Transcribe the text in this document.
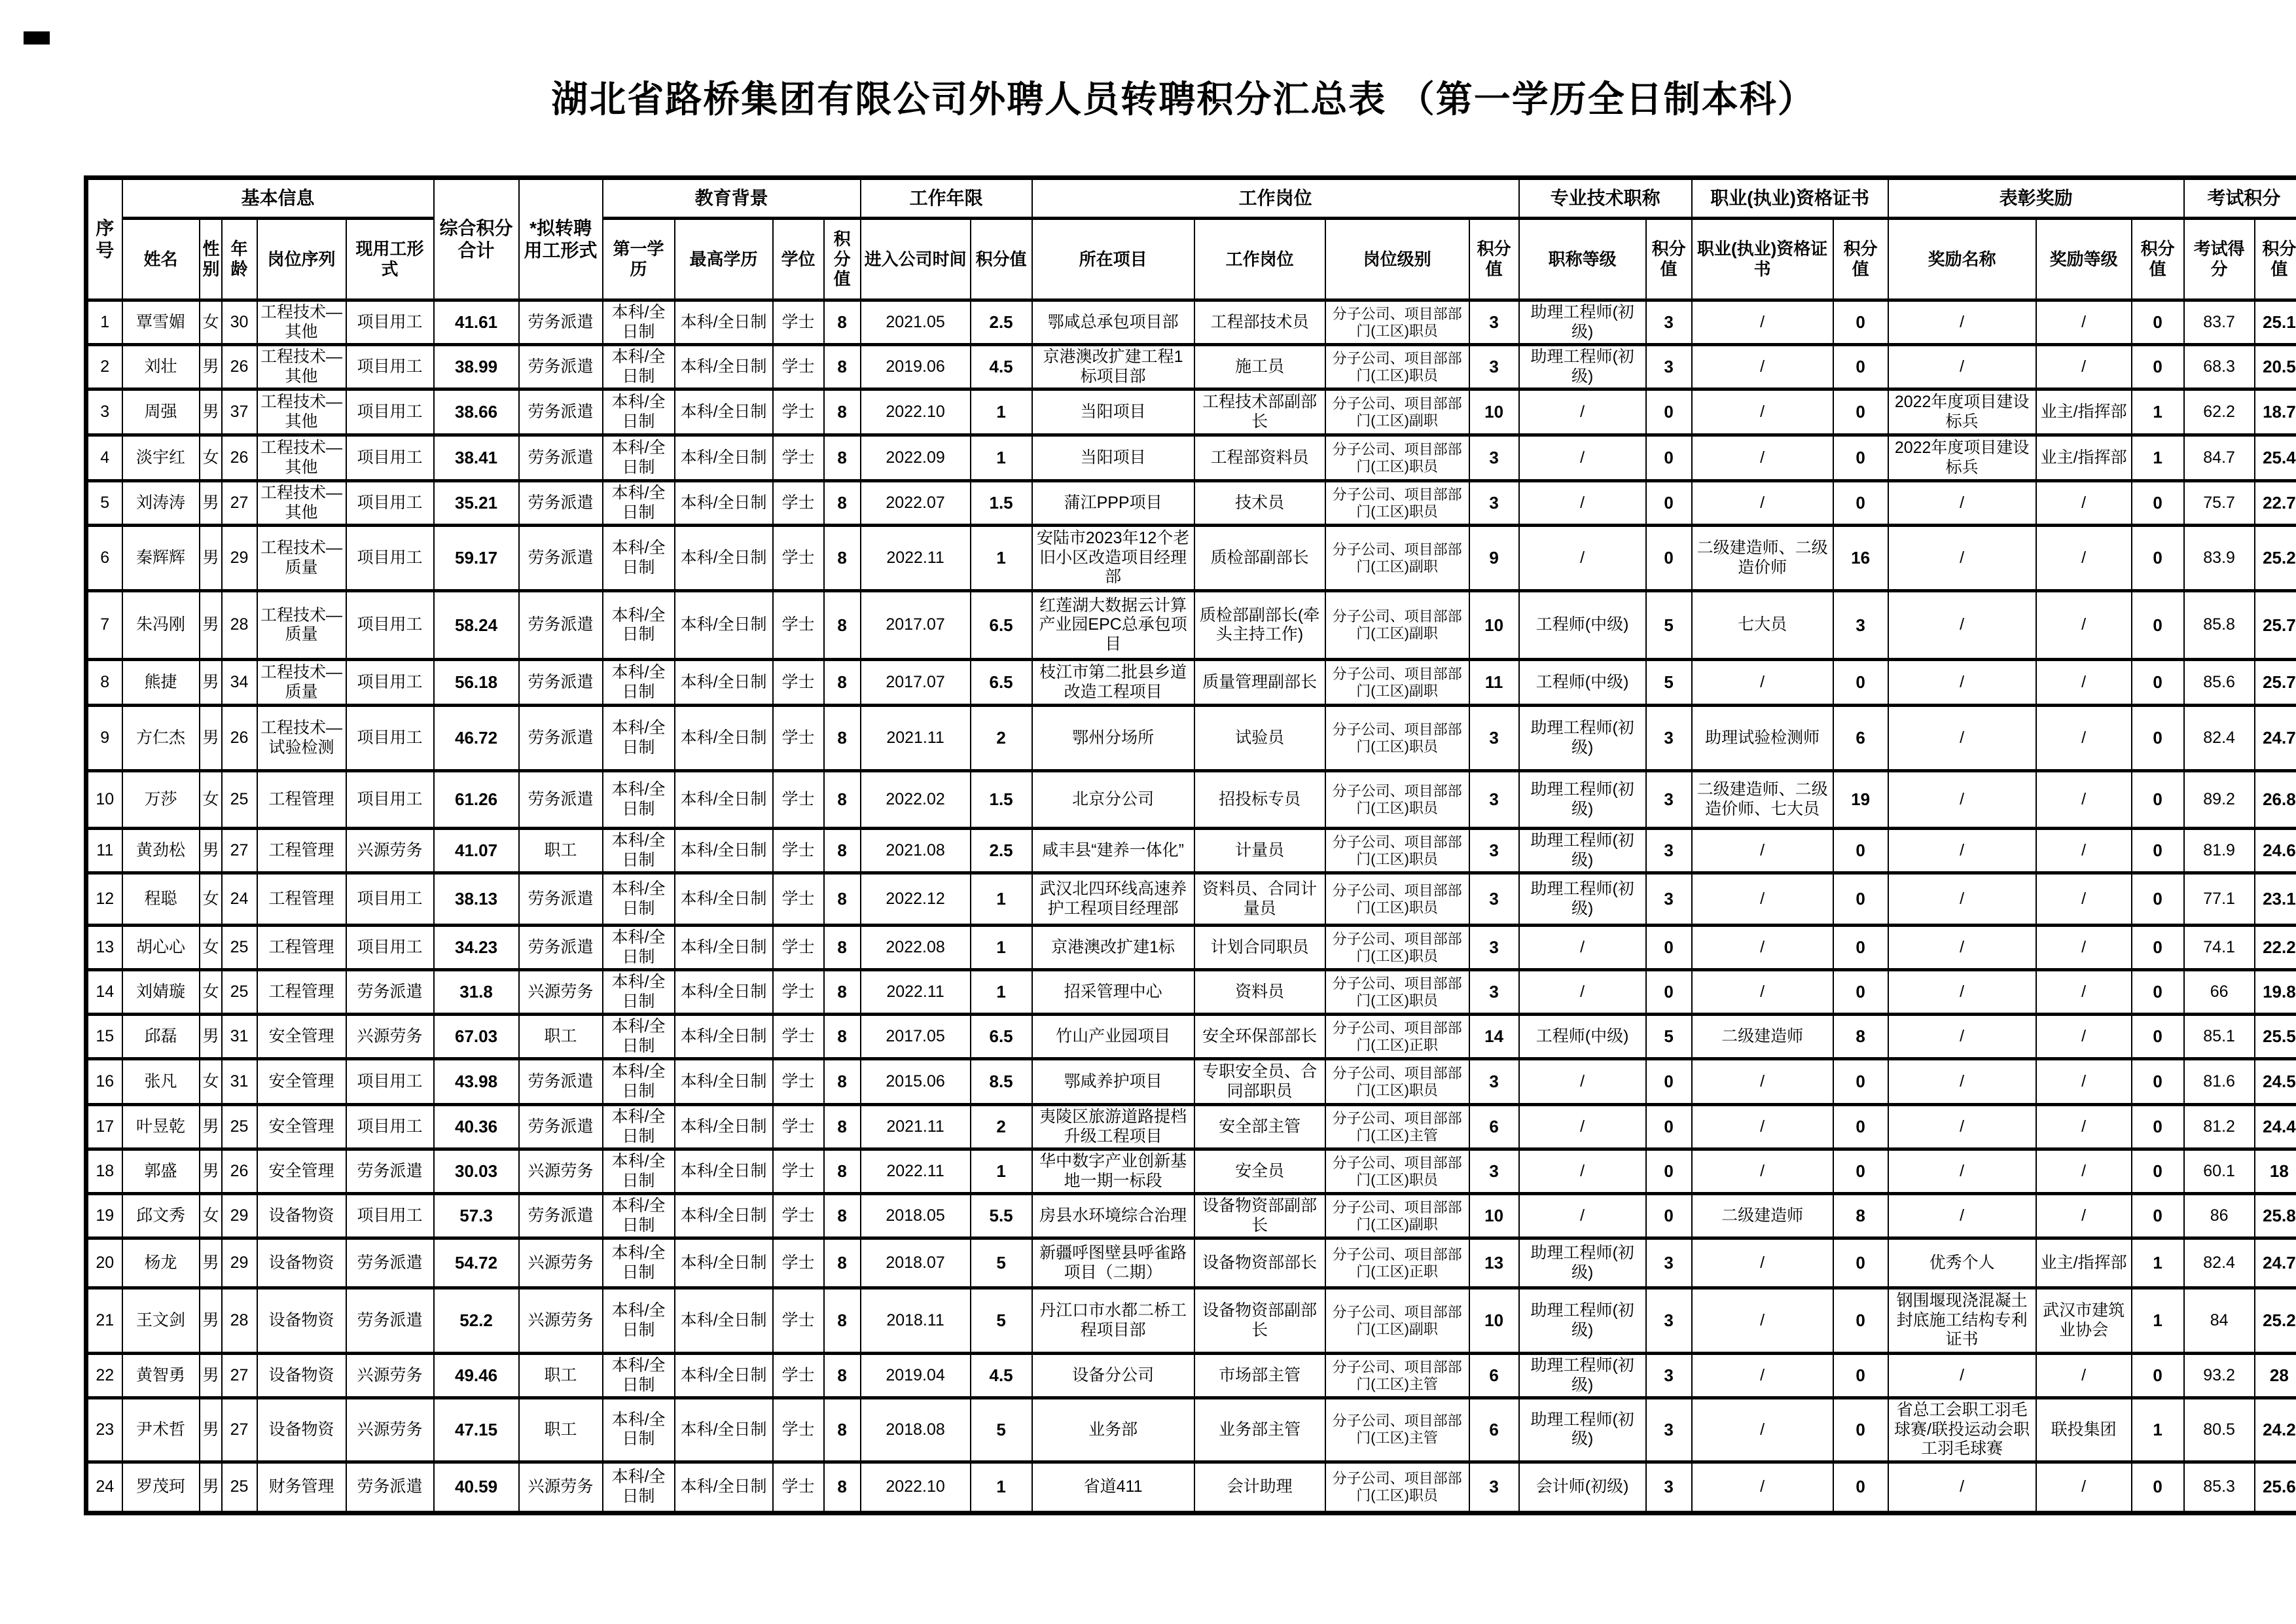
湖北省路桥集团有限公司外聘人员转聘积分汇总表 （第一学历全日制本科）
序号	基本信息					综合积分合计	*拟转聘用工形式	教育背景				工作年限		工作岗位				专业技术职称		职业(执业)资格证书		表彰奖励			考试积分	
	姓名	性别	年龄	岗位序列	现用工形式			第一学历	最高学历	学位	积分值	进入公司时间	积分值	所在项目	工作岗位	岗位级别	积分值	职称等级	积分值	职业(执业)资格证书	积分值	奖励名称	奖励等级	积分值	考试得分	积分值
1	覃雪媚	女	30	工程技术—其他	项目用工	41.61	劳务派遣	本科/全日制	本科/全日制	学士	8	2021.05	2.5	鄂咸总承包项目部	工程部技术员	分子公司、项目部部门(工区)职员	3	助理工程师(初级)	3	/	0	/	/	0	83.7	25.1
2	刘壮	男	26	工程技术—其他	项目用工	38.99	劳务派遣	本科/全日制	本科/全日制	学士	8	2019.06	4.5	京港澳改扩建工程1标项目部	施工员	分子公司、项目部部门(工区)职员	3	助理工程师(初级)	3	/	0	/	/	0	68.3	20.5
3	周强	男	37	工程技术—其他	项目用工	38.66	劳务派遣	本科/全日制	本科/全日制	学士	8	2022.10	1	当阳项目	工程技术部副部长	分子公司、项目部部门(工区)副职	10	/	0	/	0	2022年度项目建设标兵	业主/指挥部	1	62.2	18.7
4	淡宇红	女	26	工程技术—其他	项目用工	38.41	劳务派遣	本科/全日制	本科/全日制	学士	8	2022.09	1	当阳项目	工程部资料员	分子公司、项目部部门(工区)职员	3	/	0	/	0	2022年度项目建设标兵	业主/指挥部	1	84.7	25.4
5	刘涛涛	男	27	工程技术—其他	项目用工	35.21	劳务派遣	本科/全日制	本科/全日制	学士	8	2022.07	1.5	蒲江PPP项目	技术员	分子公司、项目部部门(工区)职员	3	/	0	/	0	/	/	0	75.7	22.7
6	秦辉辉	男	29	工程技术—质量	项目用工	59.17	劳务派遣	本科/全日制	本科/全日制	学士	8	2022.11	1	安陆市2023年12个老旧小区改造项目经理部	质检部副部长	分子公司、项目部部门(工区)副职	9	/	0	二级建造师、二级造价师	16	/	/	0	83.9	25.2
7	朱冯刚	男	28	工程技术—质量	项目用工	58.24	劳务派遣	本科/全日制	本科/全日制	学士	8	2017.07	6.5	红莲湖大数据云计算产业园EPC总承包项目	质检部副部长(牵头主持工作)	分子公司、项目部部门(工区)副职	10	工程师(中级)	5	七大员	3	/	/	0	85.8	25.7
8	熊捷	男	34	工程技术—质量	项目用工	56.18	劳务派遣	本科/全日制	本科/全日制	学士	8	2017.07	6.5	枝江市第二批县乡道改造工程项目	质量管理副部长	分子公司、项目部部门(工区)副职	11	工程师(中级)	5	/	0	/	/	0	85.6	25.7
9	方仁杰	男	26	工程技术—试验检测	项目用工	46.72	劳务派遣	本科/全日制	本科/全日制	学士	8	2021.11	2	鄂州分场所	试验员	分子公司、项目部部门(工区)职员	3	助理工程师(初级)	3	助理试验检测师	6	/	/	0	82.4	24.7
10	万莎	女	25	工程管理	项目用工	61.26	劳务派遣	本科/全日制	本科/全日制	学士	8	2022.02	1.5	北京分公司	招投标专员	分子公司、项目部部门(工区)职员	3	助理工程师(初级)	3	二级建造师、二级造价师、七大员	19	/	/	0	89.2	26.8
11	黄劲松	男	27	工程管理	兴源劳务	41.07	职工	本科/全日制	本科/全日制	学士	8	2021.08	2.5	咸丰县“建养一体化”	计量员	分子公司、项目部部门(工区)职员	3	助理工程师(初级)	3	/	0	/	/	0	81.9	24.6
12	程聪	女	24	工程管理	项目用工	38.13	劳务派遣	本科/全日制	本科/全日制	学士	8	2022.12	1	武汉北四环线高速养护工程项目经理部	资料员、合同计量员	分子公司、项目部部门(工区)职员	3	助理工程师(初级)	3	/	0	/	/	0	77.1	23.1
13	胡心心	女	25	工程管理	项目用工	34.23	劳务派遣	本科/全日制	本科/全日制	学士	8	2022.08	1	京港澳改扩建1标	计划合同职员	分子公司、项目部部门(工区)职员	3	/	0	/	0	/	/	0	74.1	22.2
14	刘婧璇	女	25	工程管理	劳务派遣	31.8	兴源劳务	本科/全日制	本科/全日制	学士	8	2022.11	1	招采管理中心	资料员	分子公司、项目部部门(工区)职员	3	/	0	/	0	/	/	0	66	19.8
15	邱磊	男	31	安全管理	兴源劳务	67.03	职工	本科/全日制	本科/全日制	学士	8	2017.05	6.5	竹山产业园项目	安全环保部部长	分子公司、项目部部门(工区)正职	14	工程师(中级)	5	二级建造师	8	/	/	0	85.1	25.5
16	张凡	女	31	安全管理	项目用工	43.98	劳务派遣	本科/全日制	本科/全日制	学士	8	2015.06	8.5	鄂咸养护项目	专职安全员、合同部职员	分子公司、项目部部门(工区)职员	3	/	0	/	0	/	/	0	81.6	24.5
17	叶昱乾	男	25	安全管理	项目用工	40.36	劳务派遣	本科/全日制	本科/全日制	学士	8	2021.11	2	夷陵区旅游道路提档升级工程项目	安全部主管	分子公司、项目部部门(工区)主管	6	/	0	/	0	/	/	0	81.2	24.4
18	郭盛	男	26	安全管理	劳务派遣	30.03	兴源劳务	本科/全日制	本科/全日制	学士	8	2022.11	1	华中数字产业创新基地一期一标段	安全员	分子公司、项目部部门(工区)职员	3	/	0	/	0	/	/	0	60.1	18
19	邱文秀	女	29	设备物资	项目用工	57.3	劳务派遣	本科/全日制	本科/全日制	学士	8	2018.05	5.5	房县水环境综合治理	设备物资部副部长	分子公司、项目部部门(工区)副职	10	/	0	二级建造师	8	/	/	0	86	25.8
20	杨龙	男	29	设备物资	劳务派遣	54.72	兴源劳务	本科/全日制	本科/全日制	学士	8	2018.07	5	新疆呼图壁县呼雀路项目（二期）	设备物资部部长	分子公司、项目部部门(工区)正职	13	助理工程师(初级)	3	/	0	优秀个人	业主/指挥部	1	82.4	24.7
21	王文剑	男	28	设备物资	劳务派遣	52.2	兴源劳务	本科/全日制	本科/全日制	学士	8	2018.11	5	丹江口市水都二桥工程项目部	设备物资部副部长	分子公司、项目部部门(工区)副职	10	助理工程师(初级)	3	/	0	钢围堰现浇混凝土封底施工结构专利证书	武汉市建筑业协会	1	84	25.2
22	黄智勇	男	27	设备物资	兴源劳务	49.46	职工	本科/全日制	本科/全日制	学士	8	2019.04	4.5	设备分公司	市场部主管	分子公司、项目部部门(工区)主管	6	助理工程师(初级)	3	/	0	/	/	0	93.2	28
23	尹术哲	男	27	设备物资	兴源劳务	47.15	职工	本科/全日制	本科/全日制	学士	8	2018.08	5	业务部	业务部主管	分子公司、项目部部门(工区)主管	6	助理工程师(初级)	3	/	0	省总工会职工羽毛球赛/联投运动会职工羽毛球赛	联投集团	1	80.5	24.2
24	罗茂珂	男	25	财务管理	劳务派遣	40.59	兴源劳务	本科/全日制	本科/全日制	学士	8	2022.10	1	省道411	会计助理	分子公司、项目部部门(工区)职员	3	会计师(初级)	3	/	0	/	/	0	85.3	25.6
